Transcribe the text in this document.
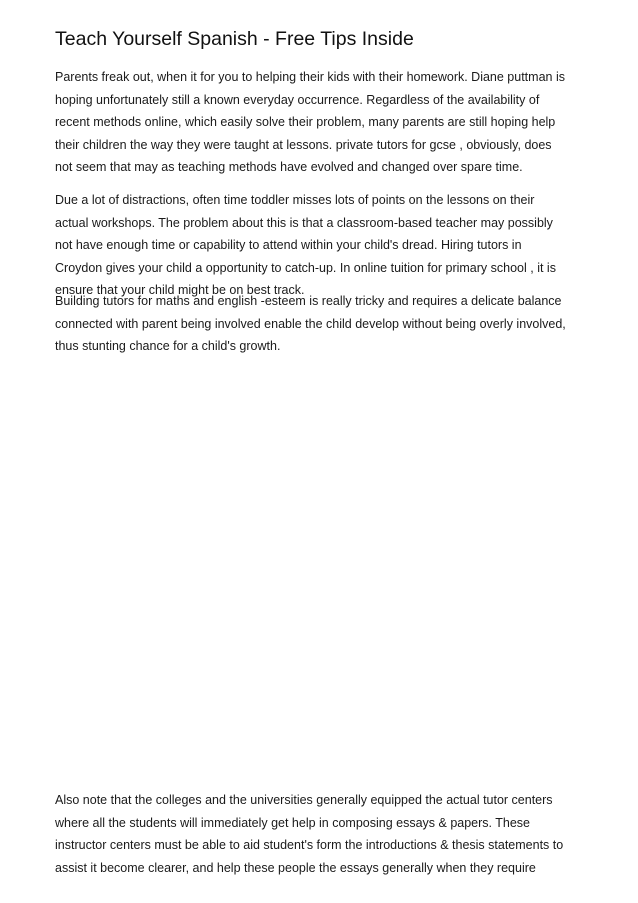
Teach Yourself Spanish - Free Tips Inside

Parents freak out, when it for you to helping their kids with their homework. Diane puttman is
hoping unfortunately still a known everyday occurrence. Regardless of the availability of
recent methods online, which easily solve their problem, many parents are still hoping help
their children the way they were taught at lessons. private tutors for gcse , obviously, does
not seem that may as teaching methods have evolved and changed over spare time.

Due a lot of distractions, often time toddler misses lots of points on the lessons on their
actual workshops. The problem about this is that a classroom-based teacher may possibly
not have enough time or capability to attend within your child's dread. Hiring tutors in
Croydon gives your child a opportunity to catch-up. In online tuition for primary school , it is
ensure that your child might be on best track.

Building tutors for maths and english -esteem is really tricky and requires a delicate balance
connected with parent being involved enable the child develop without being overly involved,
thus stunting chance for a child's growth.

Also note that the colleges and the universities generally equipped the actual tutor centers
where all the students will immediately get help in composing essays & papers. These
instructor centers must be able to aid student's form the introductions & thesis statements to
assist it become clearer, and help these people the essays generally when they require
